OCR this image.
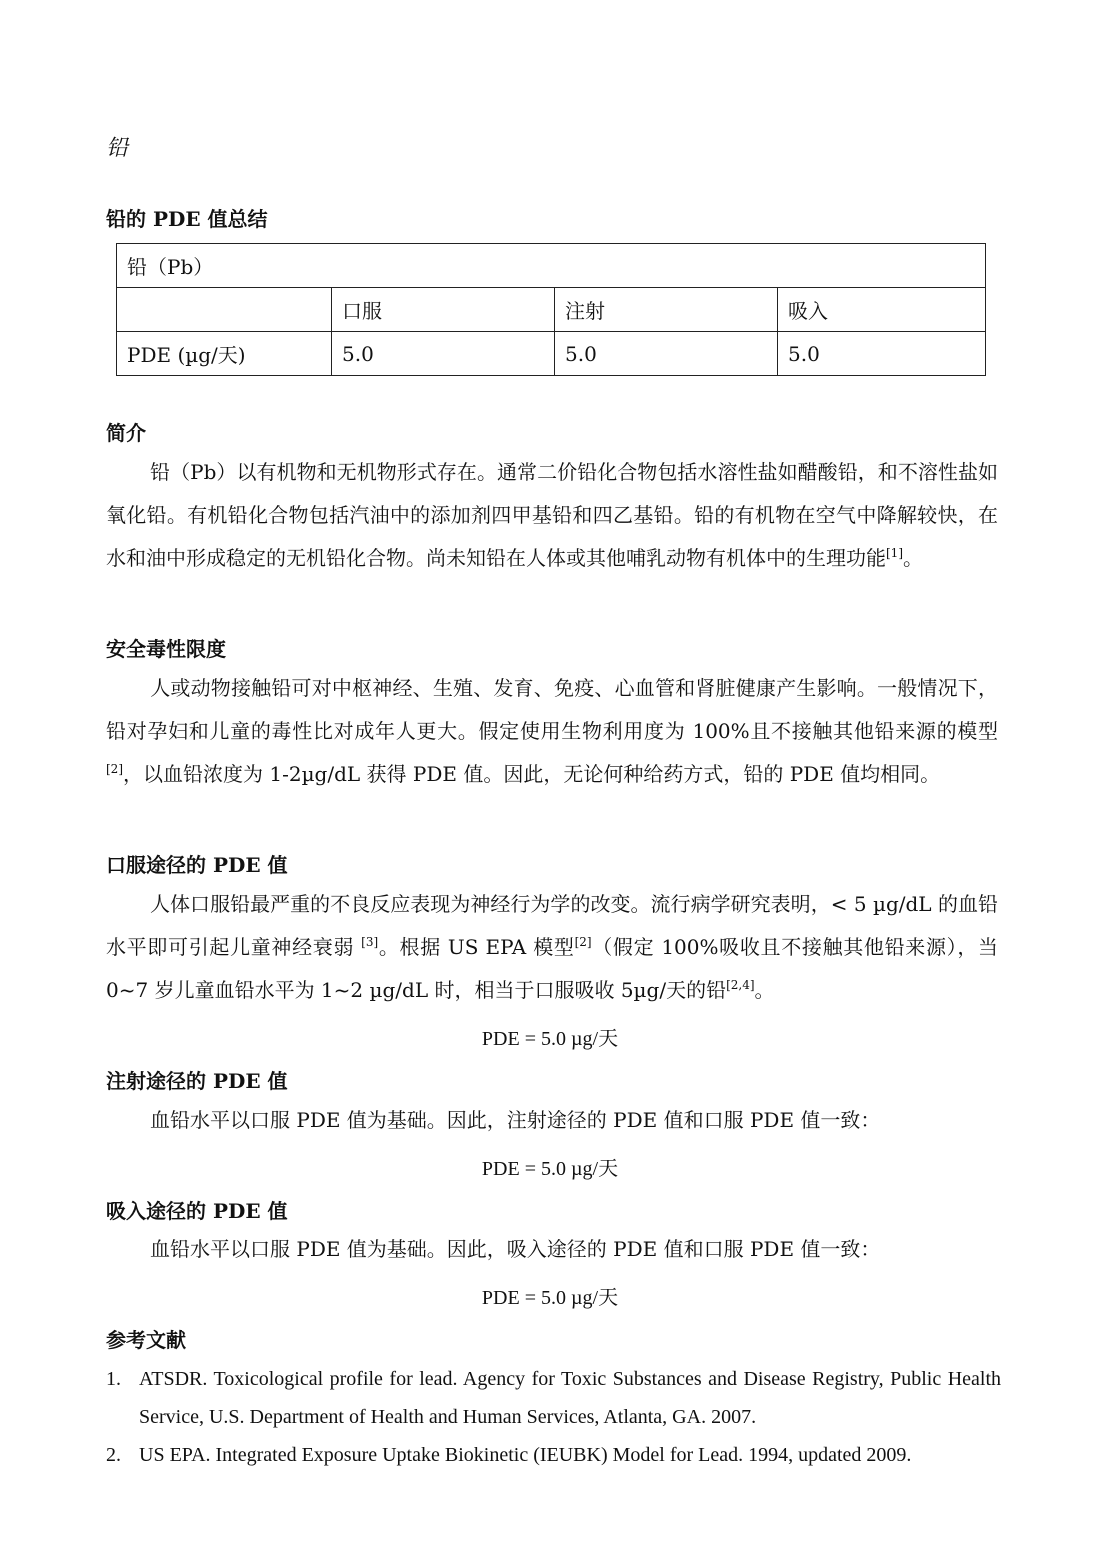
铅
铅的 PDE 值总结
铅（Pb）			
	口服	注射	吸入
PDE (µg/天)	5.0	5.0	5.0
简介
铅（Pb）以有机物和无机物形式存在。通常二价铅化合物包括水溶性盐如醋酸铅，和不溶性盐如氧化铅。有机铅化合物包括汽油中的添加剂四甲基铅和四乙基铅。铅的有机物在空气中降解较快，在水和油中形成稳定的无机铅化合物。尚未知铅在人体或其他哺乳动物有机体中的生理功能[1]。
安全毒性限度
人或动物接触铅可对中枢神经、生殖、发育、免疫、心血管和肾脏健康产生影响。一般情况下，铅对孕妇和儿童的毒性比对成年人更大。假定使用生物利用度为 100%且不接触其他铅来源的模型[2]，以血铅浓度为 1-2µg/dL 获得 PDE 值。因此，无论何种给药方式，铅的 PDE 值均相同。
口服途径的 PDE 值
人体口服铅最严重的不良反应表现为神经行为学的改变。流行病学研究表明，< 5 µg/dL 的血铅水平即可引起儿童神经衰弱 [3]。根据 US EPA 模型[2]（假定 100%吸收且不接触其他铅来源），当 0~7 岁儿童血铅水平为 1~2 µg/dL 时，相当于口服吸收 5µg/天的铅[2,4]。
PDE = 5.0 µg/天
注射途径的 PDE 值
血铅水平以口服 PDE 值为基础。因此，注射途径的 PDE 值和口服 PDE 值一致：
PDE = 5.0 µg/天
吸入途径的 PDE 值
血铅水平以口服 PDE 值为基础。因此，吸入途径的 PDE 值和口服 PDE 值一致：
PDE = 5.0 µg/天
参考文献
1. ATSDR. Toxicological profile for lead. Agency for Toxic Substances and Disease Registry, Public Health Service, U.S. Department of Health and Human Services, Atlanta, GA. 2007.
2. US EPA. Integrated Exposure Uptake Biokinetic (IEUBK) Model for Lead. 1994, updated 2009.
